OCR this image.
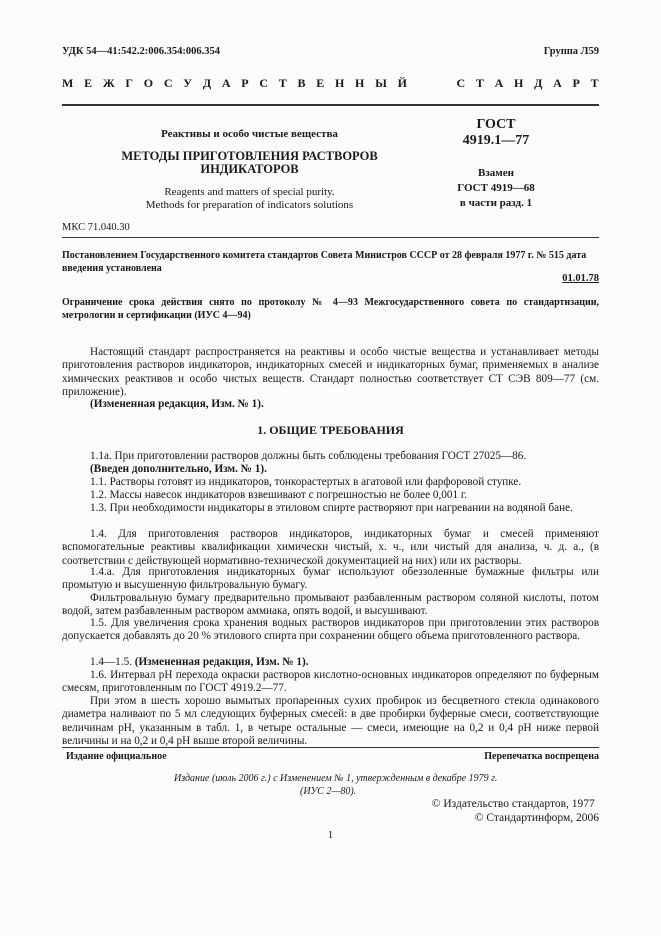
УДК 54—41:542.2:006.354:006.354	Группа Л59
М Е Ж Г О С У Д А Р С Т В Е Н Н Ы Й	С Т А Н Д А Р Т
Реактивы и особо чистые вещества
МЕТОДЫ ПРИГОТОВЛЕНИЯ РАСТВОРОВ
ИНДИКАТОРОВ
Reagents and matters of special purity.
Methods for preparation of indicators solutions
ГОСТ
4919.1—77
Взамен
ГОСТ 4919—68
в части разд. 1
МКС 71.040.30
Постановлением Государственного комитета стандартов Совета Министров СССР от 28 февраля 1977 г. № 515 дата введения установлена
01.01.78
Ограничение срока действия снято по протоколу № 4—93 Межгосударственного совета по стандартизации, метрологии и сертификации (ИУС 4—94)
Настоящий стандарт распространяется на реактивы и особо чистые вещества и устанавливает методы приготовления растворов индикаторов, индикаторных смесей и индикаторных бумаг, применяемых в анализе химических реактивов и особо чистых веществ. Стандарт полностью соответствует СТ СЭВ 809—77 (см. приложение).
(Измененная редакция, Изм. № 1).
1. ОБЩИЕ ТРЕБОВАНИЯ
1.1а. При приготовлении растворов должны быть соблюдены требования ГОСТ 27025—86.
(Введен дополнительно, Изм. № 1).
1.1. Растворы готовят из индикаторов, тонкорастертых в агатовой или фарфоровой ступке.
1.2. Массы навесок индикаторов взвешивают с погрешностью не более 0,001 г.
1.3. При необходимости индикаторы в этиловом спирте растворяют при нагревании на водяной бане.
1.4. Для приготовления растворов индикаторов, индикаторных бумаг и смесей применяют вспомогательные реактивы квалификации химически чистый, х. ч., или чистый для анализа, ч. д. а., (в соответствии с действующей нормативно-технической документацией на них) или их растворы.
1.4.а. Для приготовления индикаторных бумаг используют обеззоленные бумажные фильтры или промытую и высушенную фильтровальную бумагу.
Фильтровальную бумагу предварительно промывают разбавленным раствором соляной кислоты, потом водой, затем разбавленным раствором аммиака, опять водой, и высушивают.
1.5. Для увеличения срока хранения водных растворов индикаторов при приготовлении этих растворов допускается добавлять до 20 % этилового спирта при сохранении общего объема приготовленного раствора.
1.4—1.5. (Измененная редакция, Изм. № 1).
1.6. Интервал pH перехода окраски растворов кислотно-основных индикаторов определяют по буферным смесям, приготовленным по ГОСТ 4919.2—77.
При этом в шесть хорошо вымытых пропаренных сухих пробирок из бесцветного стекла одинакового диаметра наливают по 5 мл следующих буферных смесей: в две пробирки буферные смеси, соответствующие величинам pH, указанным в табл. 1, в четыре остальные — смеси, имеющие на 0,2 и 0,4 pH ниже первой величины и на 0,2 и 0,4 pH выше второй величины.
Издание официальное	Перепечатка воспрещена
Издание (июль 2006 г.) с Изменением № 1, утвержденным в декабре 1979 г.
(ИУС 2—80).
© Издательство стандартов, 1977
© Стандартинформ, 2006
1
